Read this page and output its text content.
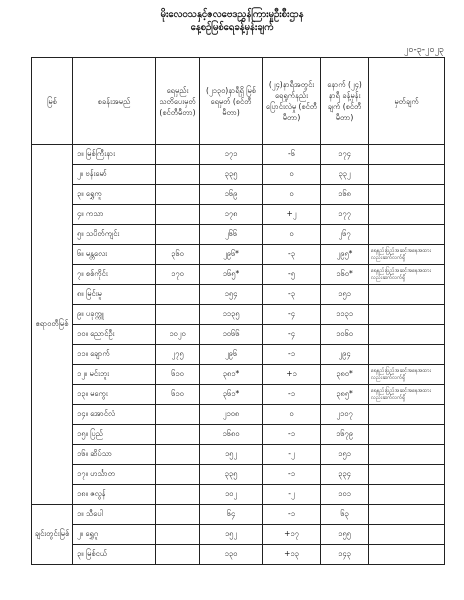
မိုးလေဝသနှင့်ဇလဗေဒညွှန်ကြားမှုဦးစီးဌာန
နေ့စဉ်မြစ်ရေခန့်မှန်းချက်
၂၀-၃-၂၀၂၃
မြစ်	စခန်းအမည်	ရေမှည်း သတိပေးမှတ် (စင်တီမီတာ)	(၂၁၃၀)နာရီရှိ မြစ်ရေမှတ် (စင်တီမီတာ)	(၂၄)နာရီအတွင်း ရေရှုက်နည်းပြောင်းလဲမှု (စင်တီမီတာ)	နောက် (၂၄) နာရီ ခန့်မှန်းချက် (စင်တီမီတာ)	မှတ်ချက်
ဧရာဝတီမြစ်	၁။ မြစ်ကြီးနား		၁၇၁	-၆	၁၇၄	
	၂။ ဗန်းမော်		၃၃၅	၀	၃၃၂	
	၃။ ရွှေကူ		၁၆၉	၀	၁၆၈	
	၄။ ကသာ		၁၇၈	+၂	၁၇၇	
	၅။ သပိတ်ကျင်း		၂၆၆	၀	၂၆၇	
	၆။ မန္တလေး	၃၆၀	၂၉၆*	-၃	၂၉၅*	ရေနည်းပြည့်အဆင့်အနေအထား လည်းဆက်လက်ရှိ
	၇။ စစ်ကိုင်း	၁၇၀	၁၆၅*	-၅	၁၆၀*	ရေနည်းပြည့်အဆင့်အနေအထား လည်းဆက်လက်ရှိ
	၈။ မြင်းမူ		၁၅၄	-၃	၁၅၁	
	၉။ ပခုက္ကူ		၁၁၃၅	-၄	၁၁၃၁	
	၁၀။ ညောင်ဦး	၁၀၂၀	၁၀၆၆	-၄	၁၀၆၀	
	၁၁။ ချောက်	၂၇၅	၂၉၆	-၁	၂၉၄	
	၁၂။ မင်းဘူး	၆၁၀	၃၈၁*	+၁	၃၈၀*	ရေနည်းပြည့်အဆင့်အနေအထား လည်းဆက်လက်ရှိ
	၁၃။ မကွေး	၆၁၀	၃၆၁*	-၁	၃၈၅*	ရေနည်းပြည့်အဆင့်အနေအထား လည်းဆက်လက်ရှိ
	၁၄။ အောင်လံ		၂၁၀၈	၀	၂၁၀၇	
	၁၅။ ပြည်		၁၆၈၀	-၁	၁၆၇၉	
	၁၆။ ဆိပ်သာ		၁၅၂	-၂	၁၅၁	
	၁၇။ ဟင်္သာတ		၃၃၅	-၁	၃၃၄	
	၁၈။ ဇလွန်		၁၀၂	-၂	၁၀၁	
ချင်းတွင်းမြစ်	၁။ သီပေါ		၆၄	-၁	၆၃	
	၂။ ရွှေဂူ		၁၅၂	+၁၇	၁၅၅	
	၃။ မြစ်ငယ်		၁၃၀	+၁၃	၁၄၃	
